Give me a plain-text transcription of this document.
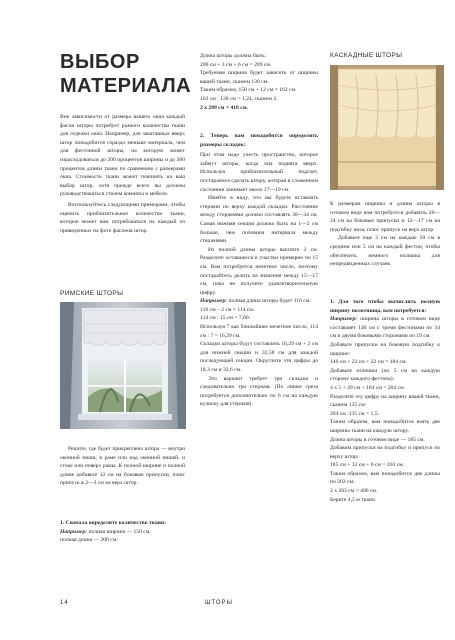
ВЫБОР
МАТЕРИАЛА

Вне зависимости от размера вашего окна каждый фасон шторы потребует разного количества ткани для отделки окна. Например, для закатанных вверх штор понадобится гораздо меньше материала, чем для фестонной шторы, на которую может израсходоваться до 200 процентов ширины и до 300 процентов длины ткани по сравнению с размерами окна. Стоимость ткани может повлиять на ваш выбор штор, хотя прежде всего вы должны руководствоваться стилем комнаты и мебели.

Воспользуйтесь следующими примерами, чтобы оценить приблизительное количество ткани, которое может вам потребоваться на каждый из приведенных на фото фасонов штор.

РИМСКИЕ ШТОРЫ

Решите, где будет прикреплена штора — внутри оконной ниши, в раме или над оконной нишей, и стоке или поверх рамы. К полной ширине и полной длине добавьте 12 см на боковые припуски, плюс припуск в 2—3 см на верх штор.

1. Сначала определите количество ткани:

Например: полная ширина — 150 см,

полная длина — 200 см:

Длина шторы должна быть:

200 см + 3 см + 6 см = 209 см.

Требуемая ширина будет зависеть от ширины вашей ткани, скажем 130 см.

Таким образом, 150 см + 12 см = 162 см.

162 см : 130 см = 1,24, скажем 2.

2 х 209 см = 418 см.

2. Теперь вам понадобится определить размеры складок:

При этом надо учесть пространство, которое займут шторы, когда она поднята вверх. Используя приблизительный подсчет, постараемся сделать штору, которая в сложенном состоянии занимает около 17—19 см.

Имейте в виду, что вы будете вставлять стержни по верху каждой складки. Расстояние между стержнями должно составлять 30—34 см. Самая нижняя секция должна быть на 1—2 см больше, чем половина интервала между стержнями.

Из полной длины шторы вычтите 2 см. Разделите оставшееся и участки примерно по 15 см. Вам потребуется нечетное число, поэтому постарайтесь делить на значения между 15—17 см, пока не получите удовлетворительную цифру.

Например: полная длина шторы будет 116 см.

116 см – 2 см = 114 см.

114 см : 15 см = 7,60.

Используя 7 как ближайшее нечетное число, 114 см : 7 = 16,29 см.

Складки шторы будут составлять 16,29 см + 2 см для нижней секции и 32,58 см для каждой последующей секции. Округлите эти цифры до 18,3 см и 32,6 см.

Это вариант требует три складки и следовательно три стержня. (По линии среза потребуется дополнительно по 6 см на каждую кулиску для стержня).

КАСКАДНЫЕ ШТОРЫ

К размерам ширины и длины шторы в готовом виде вам потребуется добавить 20—24 см на боковые припуски и 12—17 см на подгибку низа, плюс припуск на верх штор.

Добавьте еще 3 см на каждые 50 см в среднем или 5 см на каждый фестон, чтобы обеспечить немного излишка для непредвиденных случаев.

1. Для того чтобы вычислить полную ширину полотнища, вам потребуется:

Например: ширина шторы в готовом виде составляет 140 см с тремя фестонами по 34 см и двумя боковыми сторонами по 19 см.

Добавьте припуски на боковую подгибку к ширине:

140 см + 22 см + 22 см = 184 см.

Добавьте излишки (по 5 см на каждую сторону каждого фестона):

4 х 5 + 20 см + 184 см = 204 см.

Разделите эту цифру на ширину вашей ткани, скажем 135 см:

204 см :135 см = 1,5.

Таким образом, вам понадобится взять две ширины ткани на каждую штору.

Длина шторы в готовом виде — 185 см.

Добавим припуски на подгибку и припуск по верху штор:

185 см + 12 см + 6 см = 203 см.

Таким образом, вам понадобится две длины по 203 см:

2 х 203 см = 406 см.

Берите 4,5 м ткани.

14	ШТОРЫ
